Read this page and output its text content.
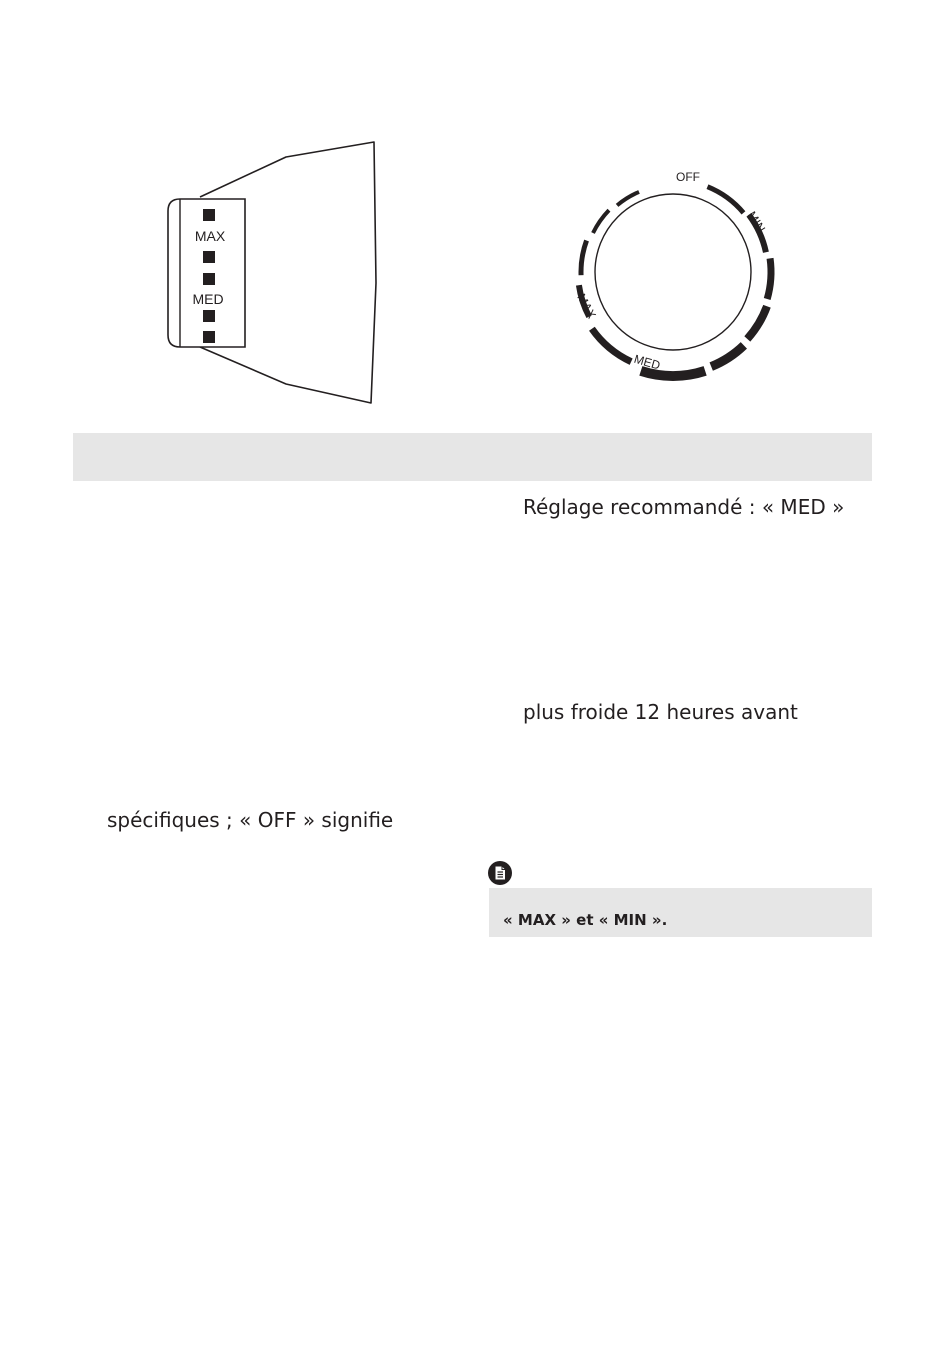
MAX
MED
OFF
MIN
MAX
MED
Réglage recommandé : « MED »
plus froide 12 heures avant
spécifiques ; « OFF » signifie
« MAX » et « MIN ».
